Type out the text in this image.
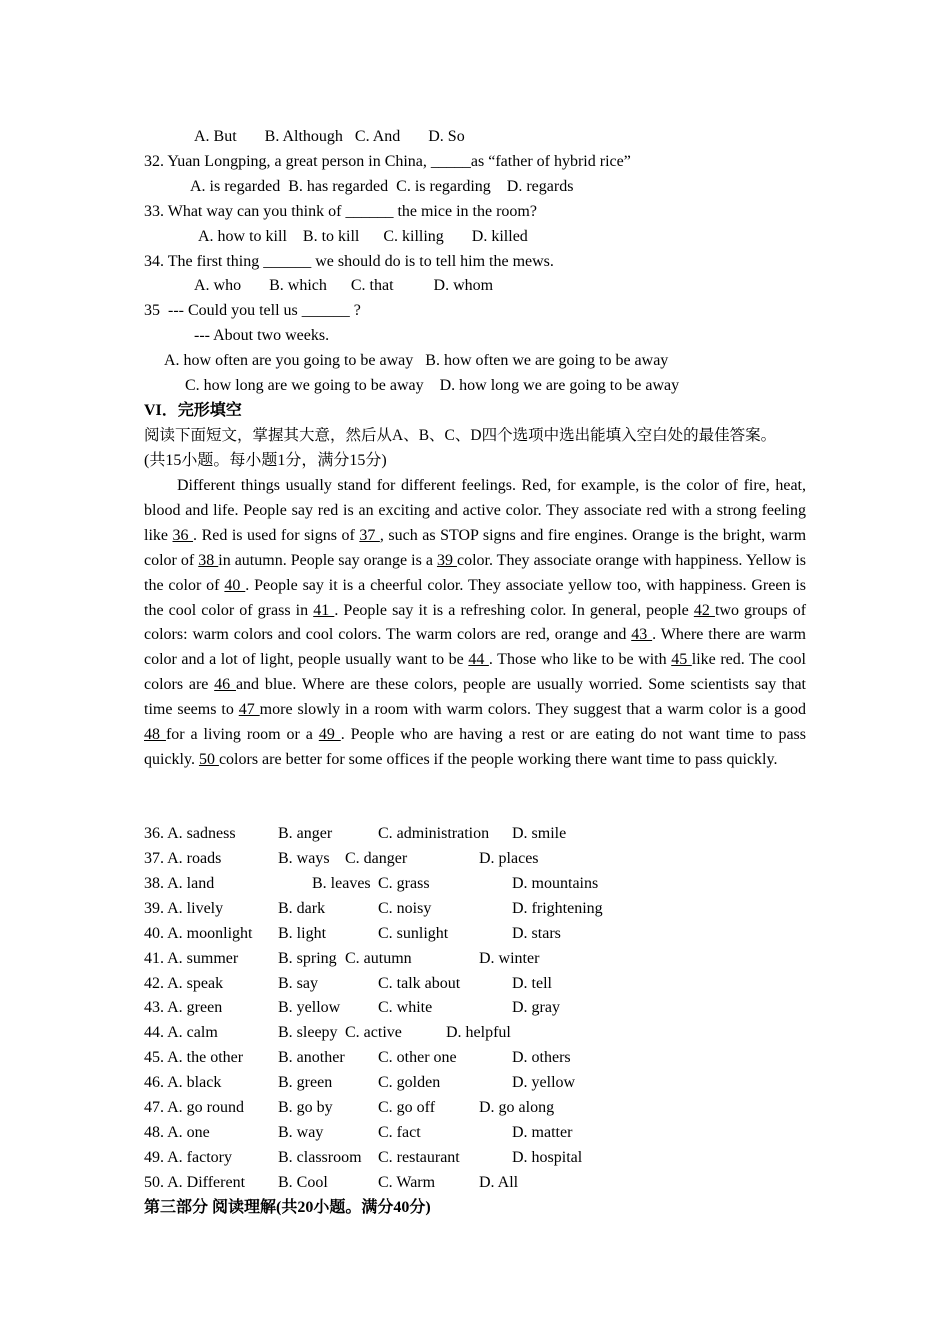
A. But       B. Although   C. And       D. So
32. Yuan Longping, a great person in China, _____as “father of hybrid rice”
A. is regarded  B. has regarded  C. is regarding    D. regards
33. What way can you think of ______ the mice in the room?
A. how to kill    B. to kill      C. killing       D. killed
34. The first thing ______ we should do is to tell him the mews.
A. who       B. which      C. that          D. whom
35  --- Could you tell us ______ ?
--- About two weeks.
A. how often are you going to be away   B. how often we are going to be away
C. how long are we going to be away    D. how long we are going to be away
VI．完形填空
阅读下面短文，掌握其大意，然后从A、B、C、D四个选项中选出能填入空白处的最佳答案。
(共15小题。每小题1分，满分15分)
Different things usually stand for different feelings. Red, for example, is the color of fire, heat, blood and life. People say red is an exciting and active color. They associate red with a strong feeling like 36 . Red is used for signs of 37 , such as STOP signs and fire engines. Orange is the bright, warm color of 38 in autumn. People say orange is a 39 color. They associate orange with happiness. Yellow is the color of 40 . People say it is a cheerful color. They associate yellow too, with happiness. Green is the cool color of grass in 41 . People say it is a refreshing color. In general, people 42 two groups of colors: warm colors and cool colors. The warm colors are red, orange and 43 . Where there are warm color and a lot of light, people usually want to be 44 . Those who like to be with 45 like red. The cool colors are 46 and blue. Where are these colors, people are usually worried. Some scientists say that time seems to 47 more slowly in a room with warm colors. They suggest that a warm color is a good 48 for a living room or a 49 . People who are having a rest or are eating do not want time to pass quickly. 50 colors are better for some offices if the people working there want time to pass quickly.
36. A. sadness	B. anger	C. administration D. smile
37. A. roads	B. ways C. danger	D. places
38. A. land	B. leaves C. grass	D. mountains
39. A. lively	B. dark	C. noisy	D. frightening
40. A. moonlight B. light	C. sunlight	D. stars
41. A. summer B. spring C. autumn	D. winter
42. A. speak	B. say	C. talk about	D. tell
43. A. green	B. yellow C. white	D. gray
44. A. calm	B. sleepy C. active	D. helpful
45. A. the other B. another C. other one	D. others
46. A. black	B. green	C. golden	D. yellow
47. A. go round B. go by	C. go off	D. go along
48. A. one	B. way	C. fact	D. matter
49. A. factory	B. classroom C. restaurant	D. hospital
50. A. Different B. Cool	C. Warm	D. All
第三部分 阅读理解(共20小题。满分40分)
